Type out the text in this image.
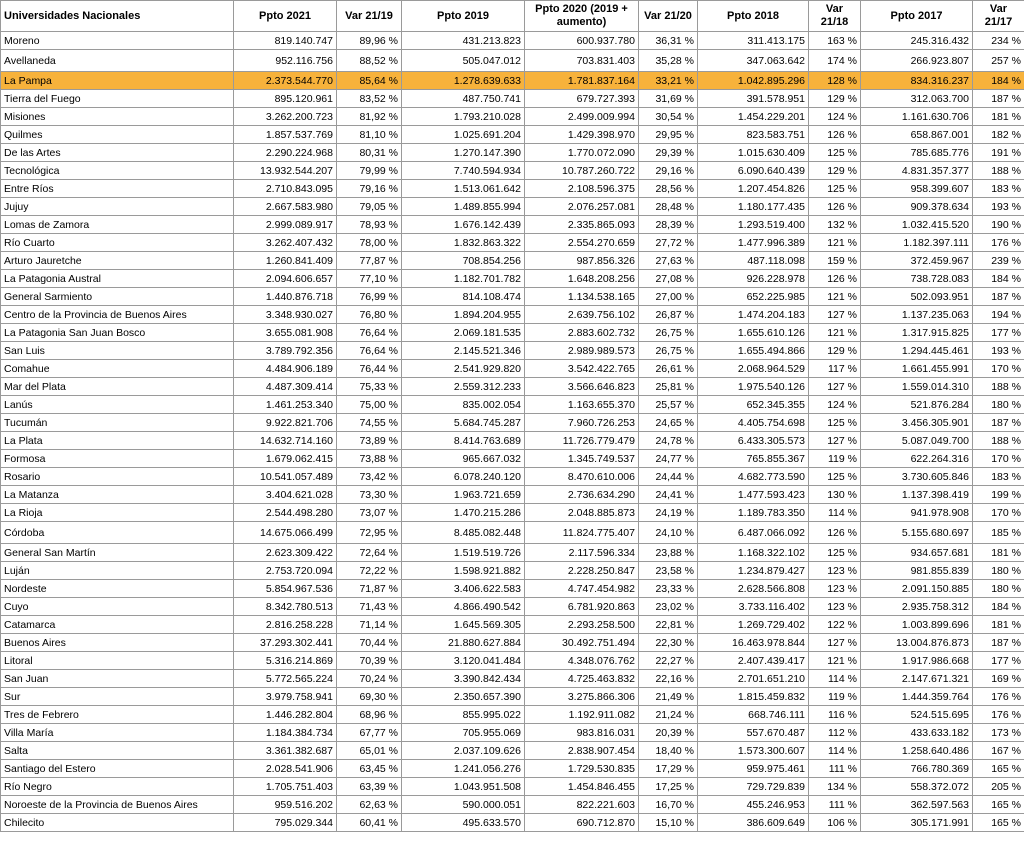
Universidades Nacionales	Ppto 2021	Var 21/19	Ppto 2019	Ppto 2020 (2019 + aumento)	Var 21/20	Ppto 2018	Var 21/18	Ppto 2017	Var 21/17
Moreno	819.140.747	89,96 %	431.213.823	600.937.780	36,31 %	311.413.175	163 %	245.316.432	234 %
Avellaneda	952.116.756	88,52 %	505.047.012	703.831.403	35,28 %	347.063.642	174 %	266.923.807	257 %
La Pampa	2.373.544.770	85,64 %	1.278.639.633	1.781.837.164	33,21 %	1.042.895.296	128 %	834.316.237	184 %
Tierra del Fuego	895.120.961	83,52 %	487.750.741	679.727.393	31,69 %	391.578.951	129 %	312.063.700	187 %
Misiones	3.262.200.723	81,92 %	1.793.210.028	2.499.009.994	30,54 %	1.454.229.201	124 %	1.161.630.706	181 %
Quilmes	1.857.537.769	81,10 %	1.025.691.204	1.429.398.970	29,95 %	823.583.751	126 %	658.867.001	182 %
De las Artes	2.290.224.968	80,31 %	1.270.147.390	1.770.072.090	29,39 %	1.015.630.409	125 %	785.685.776	191 %
Tecnológica	13.932.544.207	79,99 %	7.740.594.934	10.787.260.722	29,16 %	6.090.640.439	129 %	4.831.357.377	188 %
Entre Ríos	2.710.843.095	79,16 %	1.513.061.642	2.108.596.375	28,56 %	1.207.454.826	125 %	958.399.607	183 %
Jujuy	2.667.583.980	79,05 %	1.489.855.994	2.076.257.081	28,48 %	1.180.177.435	126 %	909.378.634	193 %
Lomas de Zamora	2.999.089.917	78,93 %	1.676.142.439	2.335.865.093	28,39 %	1.293.519.400	132 %	1.032.415.520	190 %
Río Cuarto	3.262.407.432	78,00 %	1.832.863.322	2.554.270.659	27,72 %	1.477.996.389	121 %	1.182.397.111	176 %
Arturo Jauretche	1.260.841.409	77,87 %	708.854.256	987.856.326	27,63 %	487.118.098	159 %	372.459.967	239 %
La Patagonia Austral	2.094.606.657	77,10 %	1.182.701.782	1.648.208.256	27,08 %	926.228.978	126 %	738.728.083	184 %
General Sarmiento	1.440.876.718	76,99 %	814.108.474	1.134.538.165	27,00 %	652.225.985	121 %	502.093.951	187 %
Centro de la Provincia de Buenos Aires	3.348.930.027	76,80 %	1.894.204.955	2.639.756.102	26,87 %	1.474.204.183	127 %	1.137.235.063	194 %
La Patagonia San Juan Bosco	3.655.081.908	76,64 %	2.069.181.535	2.883.602.732	26,75 %	1.655.610.126	121 %	1.317.915.825	177 %
San Luis	3.789.792.356	76,64 %	2.145.521.346	2.989.989.573	26,75 %	1.655.494.866	129 %	1.294.445.461	193 %
Comahue	4.484.906.189	76,44 %	2.541.929.820	3.542.422.765	26,61 %	2.068.964.529	117 %	1.661.455.991	170 %
Mar del Plata	4.487.309.414	75,33 %	2.559.312.233	3.566.646.823	25,81 %	1.975.540.126	127 %	1.559.014.310	188 %
Lanús	1.461.253.340	75,00 %	835.002.054	1.163.655.370	25,57 %	652.345.355	124 %	521.876.284	180 %
Tucumán	9.922.821.706	74,55 %	5.684.745.287	7.960.726.253	24,65 %	4.405.754.698	125 %	3.456.305.901	187 %
La Plata	14.632.714.160	73,89 %	8.414.763.689	11.726.779.479	24,78 %	6.433.305.573	127 %	5.087.049.700	188 %
Formosa	1.679.062.415	73,88 %	965.667.032	1.345.749.537	24,77 %	765.855.367	119 %	622.264.316	170 %
Rosario	10.541.057.489	73,42 %	6.078.240.120	8.470.610.006	24,44 %	4.682.773.590	125 %	3.730.605.846	183 %
La Matanza	3.404.621.028	73,30 %	1.963.721.659	2.736.634.290	24,41 %	1.477.593.423	130 %	1.137.398.419	199 %
La Rioja	2.544.498.280	73,07 %	1.470.215.286	2.048.885.873	24,19 %	1.189.783.350	114 %	941.978.908	170 %
Córdoba	14.675.066.499	72,95 %	8.485.082.448	11.824.775.407	24,10 %	6.487.066.092	126 %	5.155.680.697	185 %
General San Martín	2.623.309.422	72,64 %	1.519.519.726	2.117.596.334	23,88 %	1.168.322.102	125 %	934.657.681	181 %
Luján	2.753.720.094	72,22 %	1.598.921.882	2.228.250.847	23,58 %	1.234.879.427	123 %	981.855.839	180 %
Nordeste	5.854.967.536	71,87 %	3.406.622.583	4.747.454.982	23,33 %	2.628.566.808	123 %	2.091.150.885	180 %
Cuyo	8.342.780.513	71,43 %	4.866.490.542	6.781.920.863	23,02 %	3.733.116.402	123 %	2.935.758.312	184 %
Catamarca	2.816.258.228	71,14 %	1.645.569.305	2.293.258.500	22,81 %	1.269.729.402	122 %	1.003.899.696	181 %
Buenos Aires	37.293.302.441	70,44 %	21.880.627.884	30.492.751.494	22,30 %	16.463.978.844	127 %	13.004.876.873	187 %
Litoral	5.316.214.869	70,39 %	3.120.041.484	4.348.076.762	22,27 %	2.407.439.417	121 %	1.917.986.668	177 %
San Juan	5.772.565.224	70,24 %	3.390.842.434	4.725.463.832	22,16 %	2.701.651.210	114 %	2.147.671.321	169 %
Sur	3.979.758.941	69,30 %	2.350.657.390	3.275.866.306	21,49 %	1.815.459.832	119 %	1.444.359.764	176 %
Tres de Febrero	1.446.282.804	68,96 %	855.995.022	1.192.911.082	21,24 %	668.746.111	116 %	524.515.695	176 %
Villa María	1.184.384.734	67,77 %	705.955.069	983.816.031	20,39 %	557.670.487	112 %	433.633.182	173 %
Salta	3.361.382.687	65,01 %	2.037.109.626	2.838.907.454	18,40 %	1.573.300.607	114 %	1.258.640.486	167 %
Santiago del Estero	2.028.541.906	63,45 %	1.241.056.276	1.729.530.835	17,29 %	959.975.461	111 %	766.780.369	165 %
Río Negro	1.705.751.403	63,39 %	1.043.951.508	1.454.846.455	17,25 %	729.729.839	134 %	558.372.072	205 %
Noroeste de la Provincia de Buenos Aires	959.516.202	62,63 %	590.000.051	822.221.603	16,70 %	455.246.953	111 %	362.597.563	165 %
Chilecito	795.029.344	60,41 %	495.633.570	690.712.870	15,10 %	386.609.649	106 %	305.171.991	165 %
